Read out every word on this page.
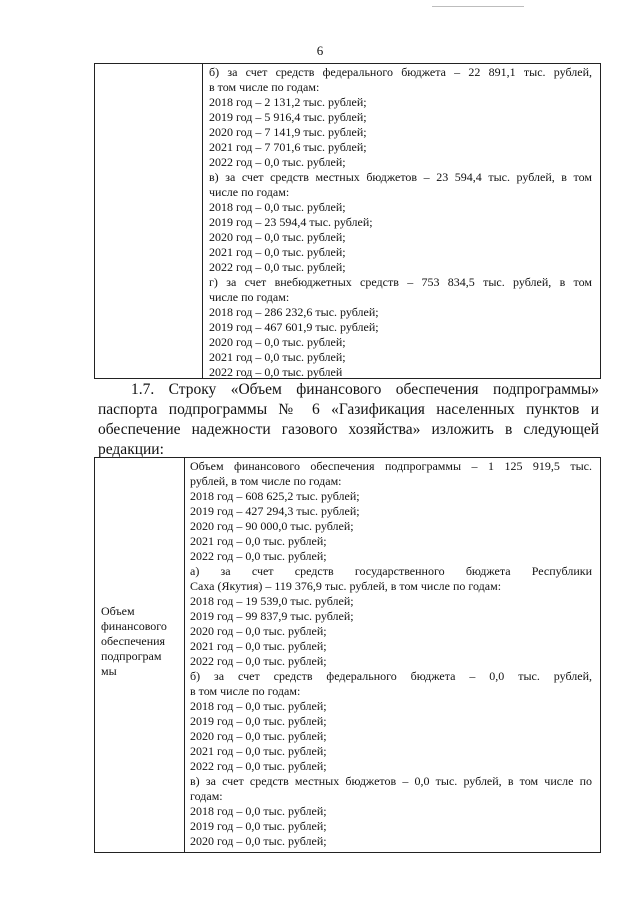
6
б) за счет средств федерального бюджета – 22 891,1 тыс. рублей,
в том числе по годам:
2018 год – 2 131,2 тыс. рублей;
2019 год – 5 916,4 тыс. рублей;
2020 год – 7 141,9 тыс. рублей;
2021 год – 7 701,6 тыс. рублей;
2022 год – 0,0 тыс. рублей;
в) за счет средств местных бюджетов – 23 594,4 тыс. рублей, в том
числе по годам:
2018 год – 0,0 тыс. рублей;
2019 год – 23 594,4 тыс. рублей;
2020 год – 0,0 тыс. рублей;
2021 год – 0,0 тыс. рублей;
2022 год – 0,0 тыс. рублей;
г) за счет внебюджетных средств – 753 834,5 тыс. рублей, в том
числе по годам:
2018 год – 286 232,6 тыс. рублей;
2019 год – 467 601,9 тыс. рублей;
2020 год – 0,0 тыс. рублей;
2021 год – 0,0 тыс. рублей;
2022 год – 0,0 тыс. рублей
1.7. Строку «Объем финансового обеспечения подпрограммы»
паспорта подпрограммы № 6 «Газификация населенных пунктов и
обеспечение надежности газового хозяйства» изложить в следующей
редакции:
Объем
финансового
обеспечения
подпрограм
мы
Объем финансового обеспечения подпрограммы – 1 125 919,5 тыс.
рублей, в том числе по годам:
2018 год – 608 625,2 тыс. рублей;
2019 год – 427 294,3 тыс. рублей;
2020 год – 90 000,0 тыс. рублей;
2021 год – 0,0 тыс. рублей;
2022 год – 0,0 тыс. рублей;
а) за счет средств государственного бюджета Республики
Саха (Якутия) – 119 376,9 тыс. рублей, в том числе по годам:
2018 год – 19 539,0 тыс. рублей;
2019 год – 99 837,9 тыс. рублей;
2020 год – 0,0 тыс. рублей;
2021 год – 0,0 тыс. рублей;
2022 год – 0,0 тыс. рублей;
б) за счет средств федерального бюджета – 0,0 тыс. рублей,
в том числе по годам:
2018 год – 0,0 тыс. рублей;
2019 год – 0,0 тыс. рублей;
2020 год – 0,0 тыс. рублей;
2021 год – 0,0 тыс. рублей;
2022 год – 0,0 тыс. рублей;
в) за счет средств местных бюджетов – 0,0 тыс. рублей, в том числе по
годам:
2018 год – 0,0 тыс. рублей;
2019 год – 0,0 тыс. рублей;
2020 год – 0,0 тыс. рублей;
